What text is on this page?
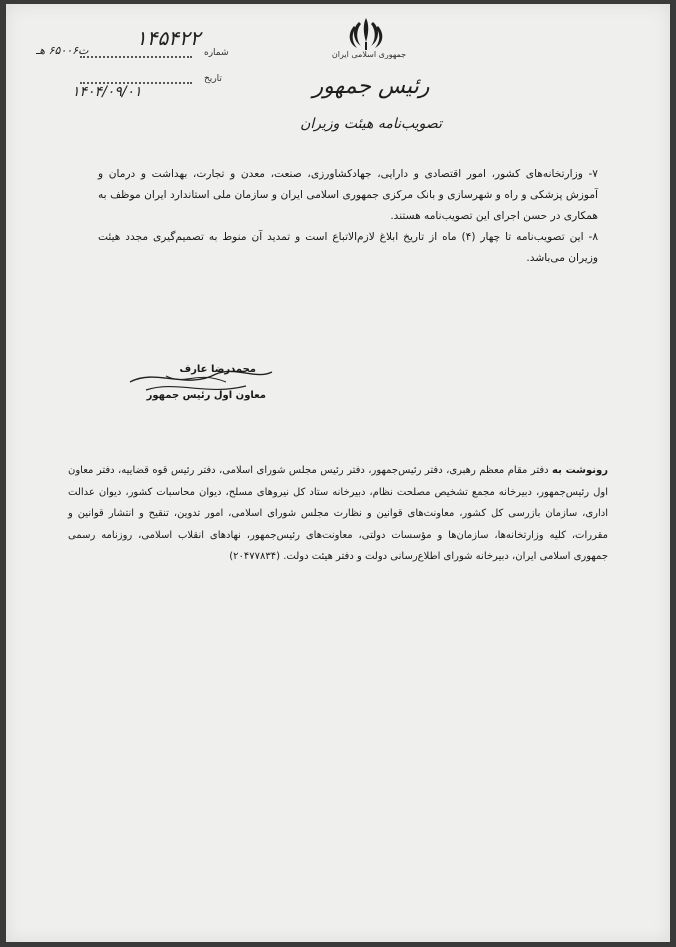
جمهوری اسلامی ایران
رئیس جمهور
تصویب‌نامه هیئت وزیران
۱۴۵۴۲۲
ت۶۵۰۰۶ هـ	شماره
تاریخ
۱۴۰۴/۰۹/۰۱

۷- وزارتخانه‌های کشور، امور اقتصادی و دارایی، جهادکشاورزی، صنعت، معدن و تجارت، بهداشت و درمان و آموزش پزشکی و راه و شهرسازی و بانک مرکزی جمهوری اسلامی ایران و سازمان ملی استاندارد ایران موظف به همکاری در حسن اجرای این تصویب‌نامه هستند.

۸- این تصویب‌نامه تا چهار (۴) ماه از تاریخ ابلاغ لازم‌الاتباع است و تمدید آن منوط به تصمیم‌گیری مجدد هیئت وزیران می‌باشد.

محمدرضا عارف
معاون اول رئیس جمهور
رونوشت به دفتر مقام معظم رهبری، دفتر رئیس‌جمهور، دفتر رئیس مجلس شورای اسلامی، دفتر رئیس قوه قضاییه، دفتر معاون اول رئیس‌جمهور، دبیرخانه مجمع تشخیص مصلحت نظام، دبیرخانه ستاد کل نیروهای مسلح، دیوان محاسبات کشور، دیوان عدالت اداری، سازمان بازرسی کل کشور، معاونت‌های قوانین و نظارت مجلس شورای اسلامی، امور تدوین، تنقیح و انتشار قوانین و مقررات، کلیه وزارتخانه‌ها، سازمان‌ها و مؤسسات دولتی، معاونت‌های رئیس‌جمهور، نهادهای انقلاب اسلامی، روزنامه رسمی جمهوری اسلامی ایران، دبیرخانه شورای اطلاع‌رسانی دولت و دفتر هیئت دولت. (۲۰۴۷۷۸۳۴)
